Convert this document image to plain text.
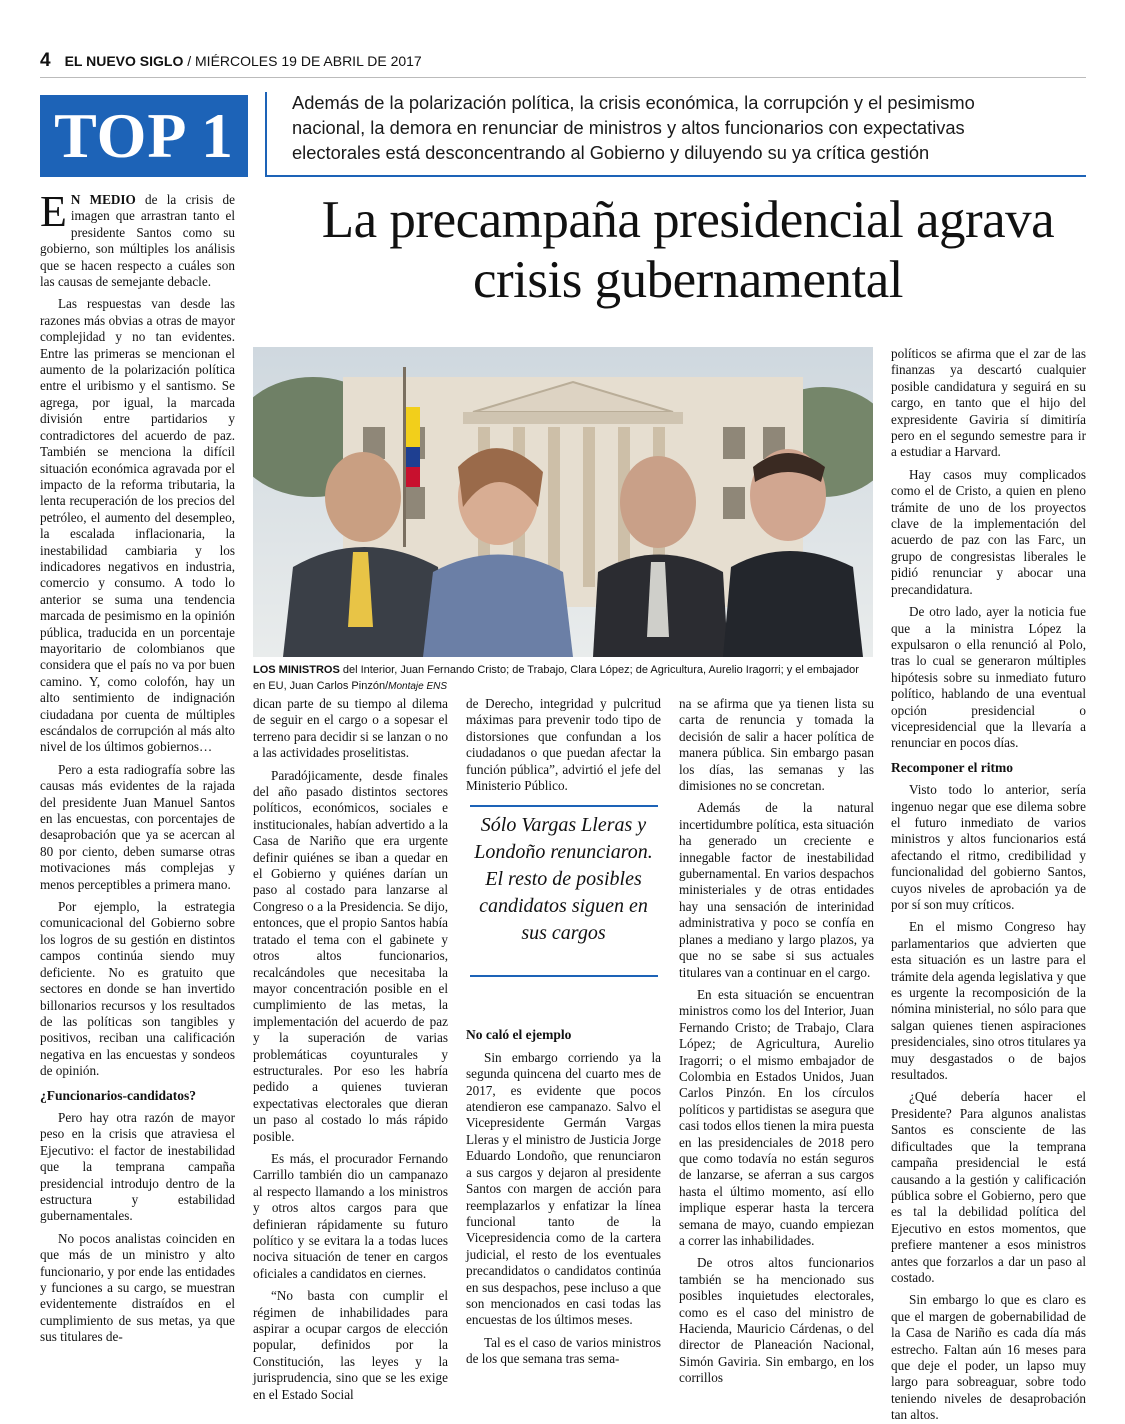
4 EL NUEVO SIGLO / MIÉRCOLES 19 DE ABRIL DE 2017
TOP 1	Además de la polarización política, la crisis económica, la corrupción y el pesimismo nacional, la demora en renunciar de ministros y altos funcionarios con expectativas electorales está desconcentrando al Gobierno y diluyendo su ya crítica gestión
La precampaña presidencial agrava crisis gubernamental
LOS MINISTROS del Interior, Juan Fernando Cristo; de Trabajo, Clara López; de Agricultura, Aurelio Iragorri; y el embajador en EU, Juan Carlos Pinzón/Montaje ENS

E N MEDIO de la crisis de imagen que arrastran tanto el presidente Santos como su gobierno, son múltiples los análisis que se hacen respecto a cuáles son las causas de semejante debacle.

Las respuestas van desde las razones más obvias a otras de mayor complejidad y no tan evidentes. Entre las primeras se mencionan el aumento de la polarización política entre el uribismo y el santismo. Se agrega, por igual, la marcada división entre partidarios y contradictores del acuerdo de paz. También se menciona la difícil situación económica agravada por el impacto de la reforma tributaria, la lenta recuperación de los precios del petróleo, el aumento del desempleo, la escalada inflacionaria, la inestabilidad cambiaria y los indicadores negativos en industria, comercio y consumo. A todo lo anterior se suma una tendencia marcada de pesimismo en la opinión pública, traducida en un porcentaje mayoritario de colombianos que considera que el país no va por buen camino. Y, como colofón, hay un alto sentimiento de indignación ciudadana por cuenta de múltiples escándalos de corrupción al más alto nivel de los últimos gobiernos…

Pero a esta radiografía sobre las causas más evidentes de la rajada del presidente Juan Manuel Santos en las encuestas, con porcentajes de desaprobación que ya se acercan al 80 por ciento, deben sumarse otras motivaciones más complejas y menos perceptibles a primera mano.

Por ejemplo, la estrategia comunicacional del Gobierno sobre los logros de su gestión en distintos campos continúa siendo muy deficiente. No es gratuito que sectores en donde se han invertido billonarios recursos y los resultados de las políticas son tangibles y positivos, reciban una calificación negativa en las encuestas y sondeos de opinión.

¿Funcionarios-candidatos?

Pero hay otra razón de mayor peso en la crisis que atraviesa el Ejecutivo: el factor de inestabilidad que la temprana campaña presidencial introdujo dentro de la estructura y estabilidad gubernamentales.

No pocos analistas coinciden en que más de un ministro y alto funcionario, y por ende las entidades y funciones a su cargo, se muestran evidentemente distraídos en el cumplimiento de sus metas, ya que sus titulares de-

dican parte de su tiempo al dilema de seguir en el cargo o a sopesar el terreno para decidir si se lanzan o no a las actividades proselitistas.

Paradójicamente, desde finales del año pasado distintos sectores políticos, económicos, sociales e institucionales, habían advertido a la Casa de Nariño que era urgente definir quiénes se iban a quedar en el Gobierno y quiénes darían un paso al costado para lanzarse al Congreso o a la Presidencia. Se dijo, entonces, que el propio Santos había tratado el tema con el gabinete y otros altos funcionarios, recalcándoles que necesitaba la mayor concentración posible en el cumplimiento de las metas, la implementación del acuerdo de paz y la superación de varias problemáticas coyunturales y estructurales. Por eso les habría pedido a quienes tuvieran expectativas electorales que dieran un paso al costado lo más rápido posible.

Es más, el procurador Fernando Carrillo también dio un campanazo al respecto llamando a los ministros y otros altos cargos para que definieran rápidamente su futuro político y se evitara la a todas luces nociva situación de tener en cargos oficiales a candidatos en ciernes.

“No basta con cumplir el régimen de inhabilidades para aspirar a ocupar cargos de elección popular, definidos por la Constitución, las leyes y la jurisprudencia, sino que se les exige en el Estado Social

de Derecho, integridad y pulcritud máximas para prevenir todo tipo de distorsiones que confundan a los ciudadanos o que puedan afectar la función pública”, advirtió el jefe del Ministerio Público.

No caló el ejemplo

Sin embargo corriendo ya la segunda quincena del cuarto mes de 2017, es evidente que pocos atendieron ese campanazo. Salvo el Vicepresidente Germán Vargas Lleras y el ministro de Justicia Jorge Eduardo Londoño, que renunciaron a sus cargos y dejaron al presidente Santos con margen de acción para reemplazarlos y enfatizar la línea funcional tanto de la Vicepresidencia como de la cartera judicial, el resto de los eventuales precandidatos o candidatos continúa en sus despachos, pese incluso a que son mencionados en casi todas las encuestas de los últimos meses.

Tal es el caso de varios ministros de los que semana tras sema-

Sólo Vargas Lleras y Londoño renunciaron. El resto de posibles candidatos siguen en sus cargos

na se afirma que ya tienen lista su carta de renuncia y tomada la decisión de salir a hacer política de manera pública. Sin embargo pasan los días, las semanas y las dimisiones no se concretan.

Además de la natural incertidumbre política, esta situación ha generado un creciente e innegable factor de inestabilidad gubernamental. En varios despachos ministeriales y de otras entidades hay una sensación de interinidad administrativa y poco se confía en planes a mediano y largo plazos, ya que no se sabe si sus actuales titulares van a continuar en el cargo.

En esta situación se encuentran ministros como los del Interior, Juan Fernando Cristo; de Trabajo, Clara López; de Agricultura, Aurelio Iragorri; o el mismo embajador de Colombia en Estados Unidos, Juan Carlos Pinzón. En los círculos políticos y partidistas se asegura que casi todos ellos tienen la mira puesta en las presidenciales de 2018 pero que como todavía no están seguros de lanzarse, se aferran a sus cargos hasta el último momento, así ello implique esperar hasta la tercera semana de mayo, cuando empiezan a correr las inhabilidades.

De otros altos funcionarios también se ha mencionado sus posibles inquietudes electorales, como es el caso del ministro de Hacienda, Mauricio Cárdenas, o del director de Planeación Nacional, Simón Gaviria. Sin embargo, en los corrillos

políticos se afirma que el zar de las finanzas ya descartó cualquier posible candidatura y seguirá en su cargo, en tanto que el hijo del expresidente Gaviria sí dimitiría pero en el segundo semestre para ir a estudiar a Harvard.

Hay casos muy complicados como el de Cristo, a quien en pleno trámite de uno de los proyectos clave de la implementación del acuerdo de paz con las Farc, un grupo de congresistas liberales le pidió renunciar y abocar una precandidatura.

De otro lado, ayer la noticia fue que a la ministra López la expulsaron o ella renunció al Polo, tras lo cual se generaron múltiples hipótesis sobre su inmediato futuro político, hablando de una eventual opción presidencial o vicepresidencial que la llevaría a renunciar en pocos días.

Recomponer el ritmo

Visto todo lo anterior, sería ingenuo negar que ese dilema sobre el futuro inmediato de varios ministros y altos funcionarios está afectando el ritmo, credibilidad y funcionalidad del gobierno Santos, cuyos niveles de aprobación ya de por sí son muy críticos.

En el mismo Congreso hay parlamentarios que advierten que esta situación es un lastre para el trámite dela agenda legislativa y que es urgente la recomposición de la nómina ministerial, no sólo para que salgan quienes tienen aspiraciones presidenciales, sino otros titulares ya muy desgastados o de bajos resultados.

¿Qué debería hacer el Presidente? Para algunos analistas Santos es consciente de las dificultades que la temprana campaña presidencial le está causando a la gestión y calificación pública sobre el Gobierno, pero que es tal la debilidad política del Ejecutivo en estos momentos, que prefiere mantener a esos ministros antes que forzarlos a dar un paso al costado.

Sin embargo lo que es claro es que el margen de gobernabilidad de la Casa de Nariño es cada día más estrecho. Faltan aún 16 meses para que deje el poder, un lapso muy largo para sobreaguar, sobre todo teniendo niveles de desaprobación tan altos.
